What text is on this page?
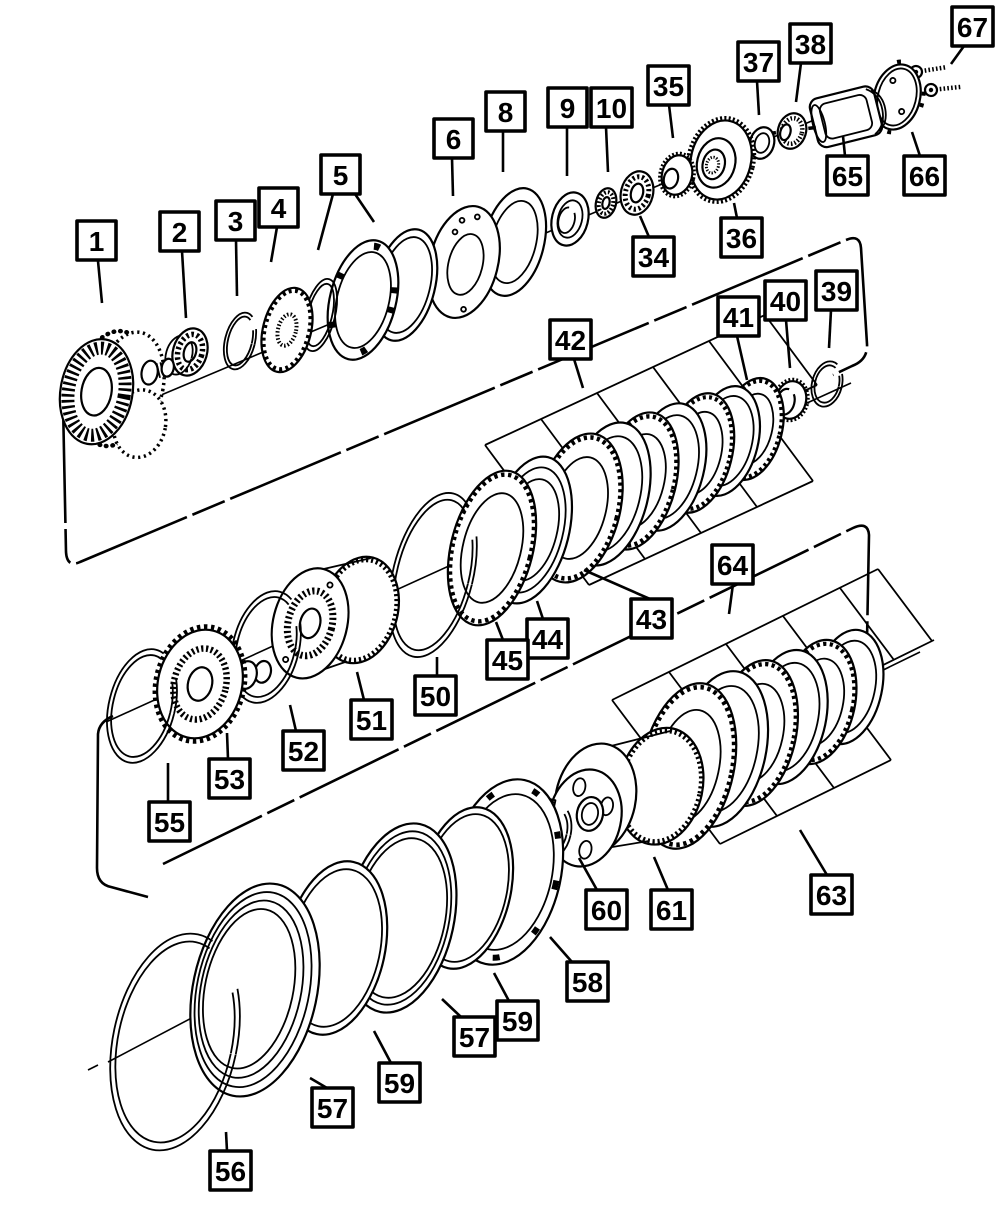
1 2 3 4
5
6
8 9 10
34
35
36
37
38
39
40
41
42
43
44
45
50
51
52
53
55
64
63
60 61
58
59
57
59
57
56
65 66
67
